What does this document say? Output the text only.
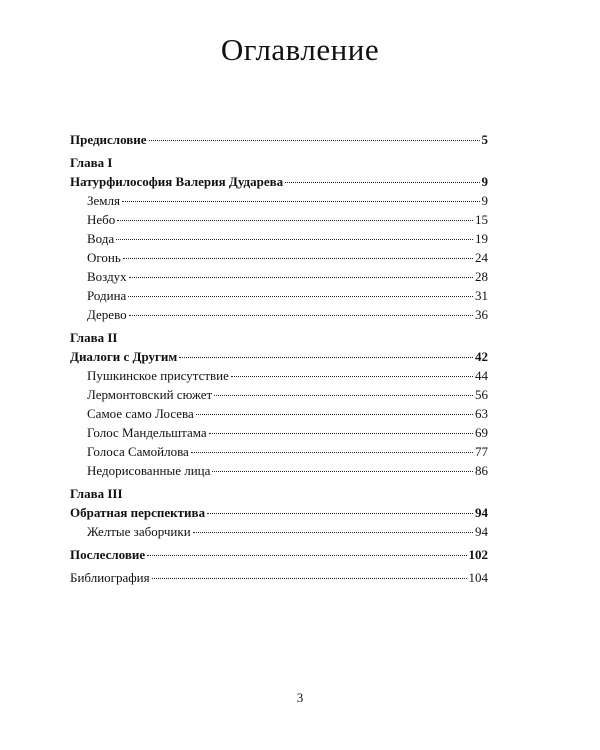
Оглавление
Предисловие	5
Глава I
Натурфилософия Валерия Дударева	9
Земля	9
Небо	15
Вода	19
Огонь	24
Воздух	28
Родина	31
Дерево	36
Глава II
Диалоги с Другим	42
Пушкинское присутствие	44
Лермонтовский сюжет	56
Самое само Лосева	63
Голос Мандельштама	69
Голоса Самойлова	77
Недорисованные лица	86
Глава III
Обратная перспектива	94
Желтые заборчики	94
Послесловие	102
Библиография	104
3
